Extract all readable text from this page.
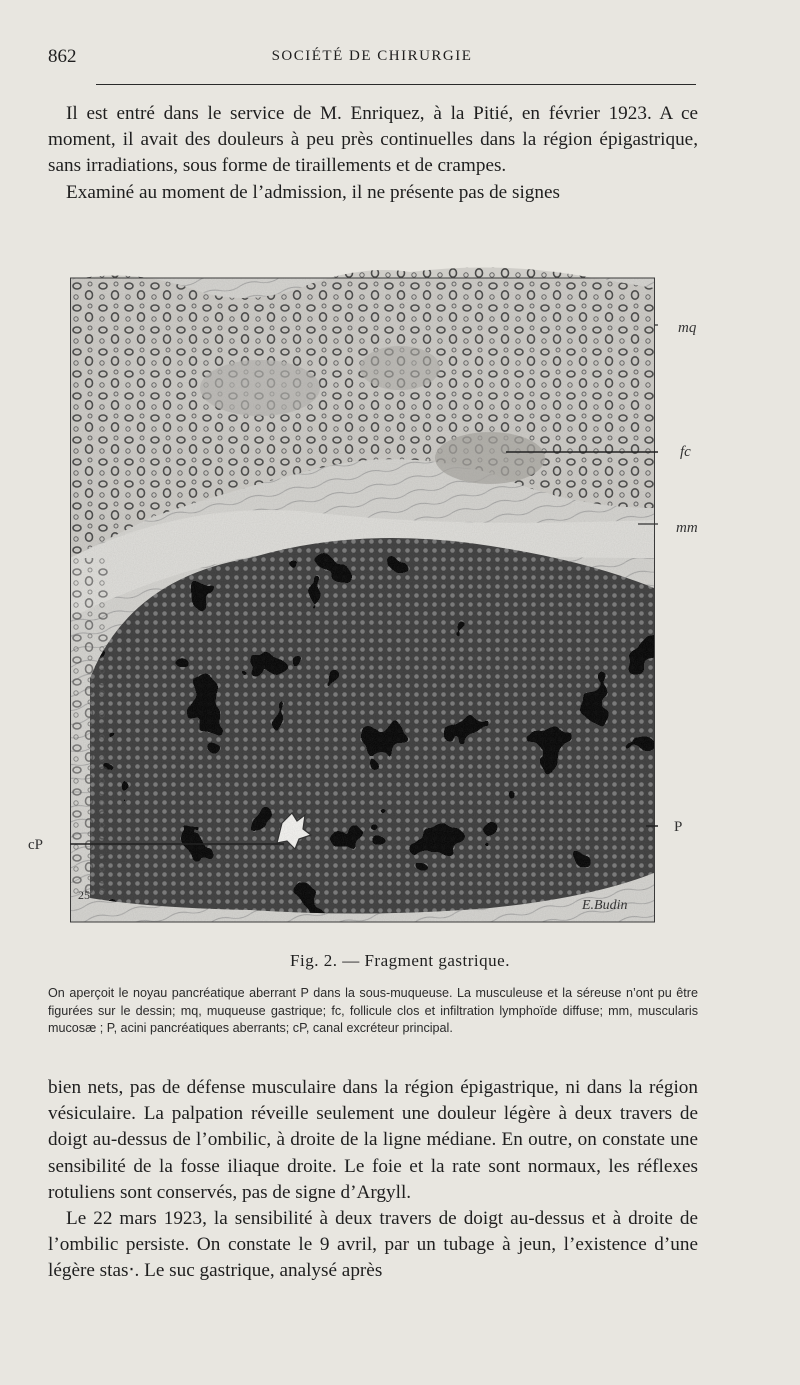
862	SOCIÉTÉ DE CHIRURGIE

Il est entré dans le service de M. Enriquez, à la Pitié, en février 1923. A ce moment, il avait des douleurs à peu près continuelles dans la région épigastrique, sans irradiations, sous forme de tiraillements et de crampes.

Examiné au moment de l’admission, il ne présente pas de signes

mq
fc
mm
P
cP
25
E.Budin
Fig. 2. — Fragment gastrique.

On aperçoit le noyau pancréatique aberrant P dans la sous-muqueuse. La musculeuse et la séreuse n’ont pu être figurées sur le dessin; mq, muqueuse gastrique; fc, follicule clos et infiltration lymphoïde diffuse; mm, muscularis mucosæ ; P, acini pancréatiques aberrants; cP, canal excréteur principal.

bien nets, pas de défense musculaire dans la région épigastrique, ni dans la région vésiculaire. La palpation réveille seulement une douleur légère à deux travers de doigt au-dessus de l’ombilic, à droite de la ligne médiane. En outre, on constate une sensibilité de la fosse iliaque droite. Le foie et la rate sont normaux, les réflexes rotuliens sont conservés, pas de signe d’Argyll.

Le 22 mars 1923, la sensibilité à deux travers de doigt au-dessus et à droite de l’ombilic persiste. On constate le 9 avril, par un tubage à jeun, l’existence d’une légère stas‧. Le suc gastrique, analysé après
